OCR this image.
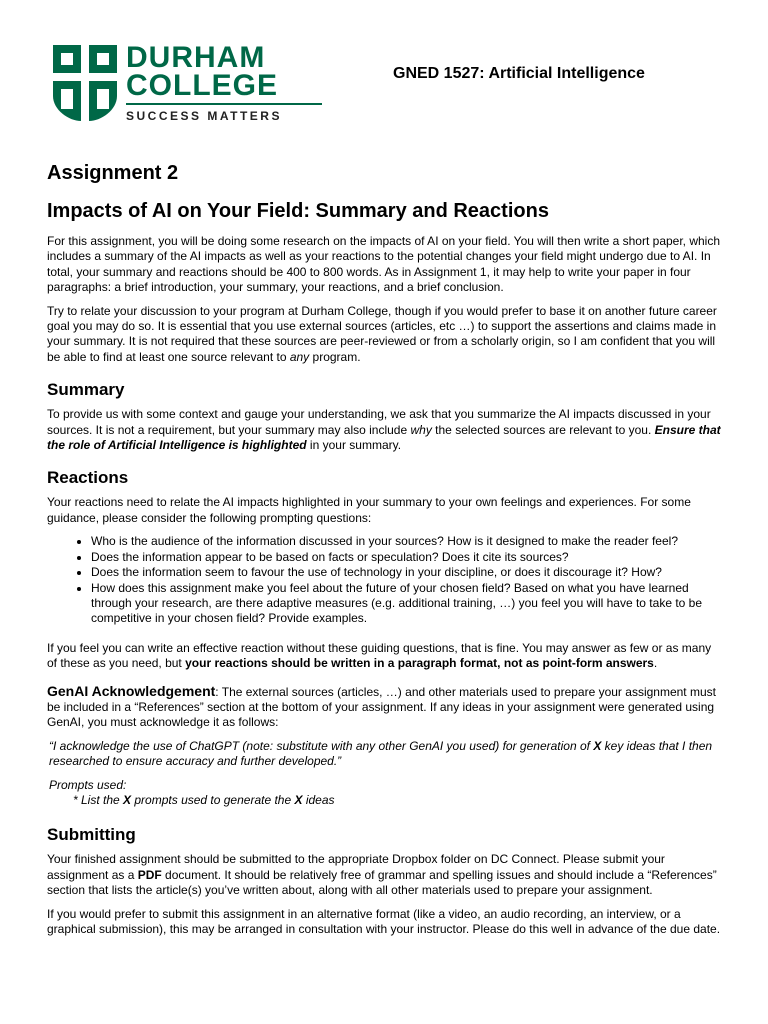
DURHAM
COLLEGE
SUCCESS MATTERS
GNED 1527: Artificial Intelligence
Assignment 2
Impacts of AI on Your Field: Summary and Reactions

For this assignment, you will be doing some research on the impacts of AI on your field. You will then write a short paper, which includes a summary of the AI impacts as well as your reactions to the potential changes your field might undergo due to AI. In total, your summary and reactions should be 400 to 800 words. As in Assignment 1, it may help to write your paper in four paragraphs: a brief introduction, your summary, your reactions, and a brief conclusion.

Try to relate your discussion to your program at Durham College, though if you would prefer to base it on another future career goal you may do so. It is essential that you use external sources (articles, etc …) to support the assertions and claims made in your summary. It is not required that these sources are peer-reviewed or from a scholarly origin, so I am confident that you will be able to find at least one source relevant to any program.

Summary

To provide us with some context and gauge your understanding, we ask that you summarize the AI impacts discussed in your sources. It is not a requirement, but your summary may also include why the selected sources are relevant to you. Ensure that the role of Artificial Intelligence is highlighted in your summary.

Reactions

Your reactions need to relate the AI impacts highlighted in your summary to your own feelings and experiences. For some guidance, please consider the following prompting questions:

• Who is the audience of the information discussed in your sources? How is it designed to make the reader feel?
• Does the information appear to be based on facts or speculation? Does it cite its sources?
• Does the information seem to favour the use of technology in your discipline, or does it discourage it? How?
• How does this assignment make you feel about the future of your chosen field? Based on what you have learned through your research, are there adaptive measures (e.g. additional training, …) you feel you will have to take to be competitive in your chosen field? Provide examples.

If you feel you can write an effective reaction without these guiding questions, that is fine. You may answer as few or as many of these as you need, but your reactions should be written in a paragraph format, not as point-form answers.

GenAI Acknowledgement: The external sources (articles, …) and other materials used to prepare your assignment must be included in a “References” section at the bottom of your assignment. If any ideas in your assignment were generated using GenAI, you must acknowledge it as follows:

“I acknowledge the use of ChatGPT (note: substitute with any other GenAI you used) for generation of X key ideas that I then researched to ensure accuracy and further developed.”

Prompts used:
* List the X prompts used to generate the X ideas

Submitting

Your finished assignment should be submitted to the appropriate Dropbox folder on DC Connect. Please submit your assignment as a PDF document. It should be relatively free of grammar and spelling issues and should include a “References” section that lists the article(s) you’ve written about, along with all other materials used to prepare your assignment.

If you would prefer to submit this assignment in an alternative format (like a video, an audio recording, an interview, or a graphical submission), this may be arranged in consultation with your instructor. Please do this well in advance of the due date.
